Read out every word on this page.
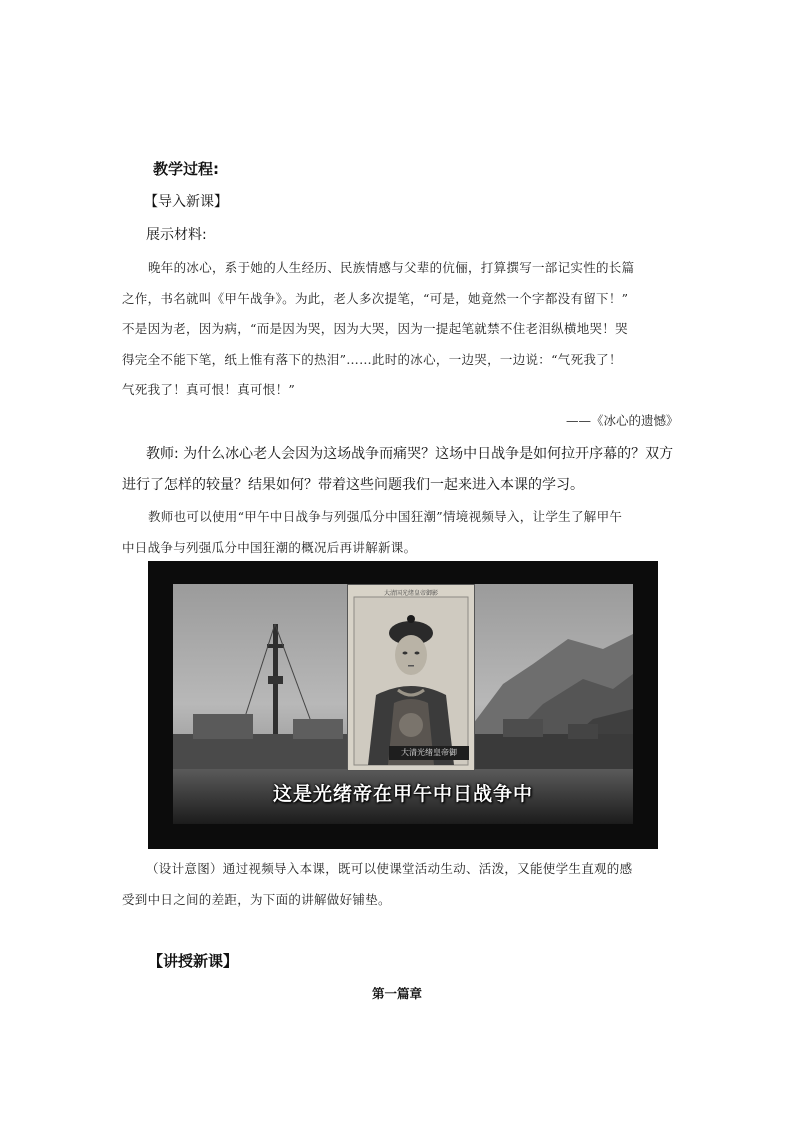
教学过程:
【导入新课】
展示材料:
晚年的冰心，系于她的人生经历、民族情感与父辈的伉俪，打算撰写一部记实性的长篇
之作，书名就叫《甲午战争》。为此，老人多次提笔，“可是，她竟然一个字都没有留下！”
不是因为老，因为病，“而是因为哭，因为大哭，因为一提起笔就禁不住老泪纵横地哭！哭
得完全不能下笔，纸上惟有落下的热泪”……此时的冰心，一边哭，一边说：“气死我了！
气死我了！真可恨！真可恨！”
——《冰心的遗憾》
教师: 为什么冰心老人会因为这场战争而痛哭？这场中日战争是如何拉开序幕的？双方
进行了怎样的较量？结果如何？带着这些问题我们一起来进入本课的学习。
教师也可以使用“甲午中日战争与列强瓜分中国狂潮”情境视频导入，让学生了解甲午
中日战争与列强瓜分中国狂潮的概况后再讲解新课。
大清国光绪皇帝御影
大清光绪皇帝御
这是光绪帝在甲午中日战争中
（设计意图）通过视频导入本课，既可以使课堂活动生动、活泼，又能使学生直观的感
受到中日之间的差距，为下面的讲解做好铺垫。
【讲授新课】
第一篇章
